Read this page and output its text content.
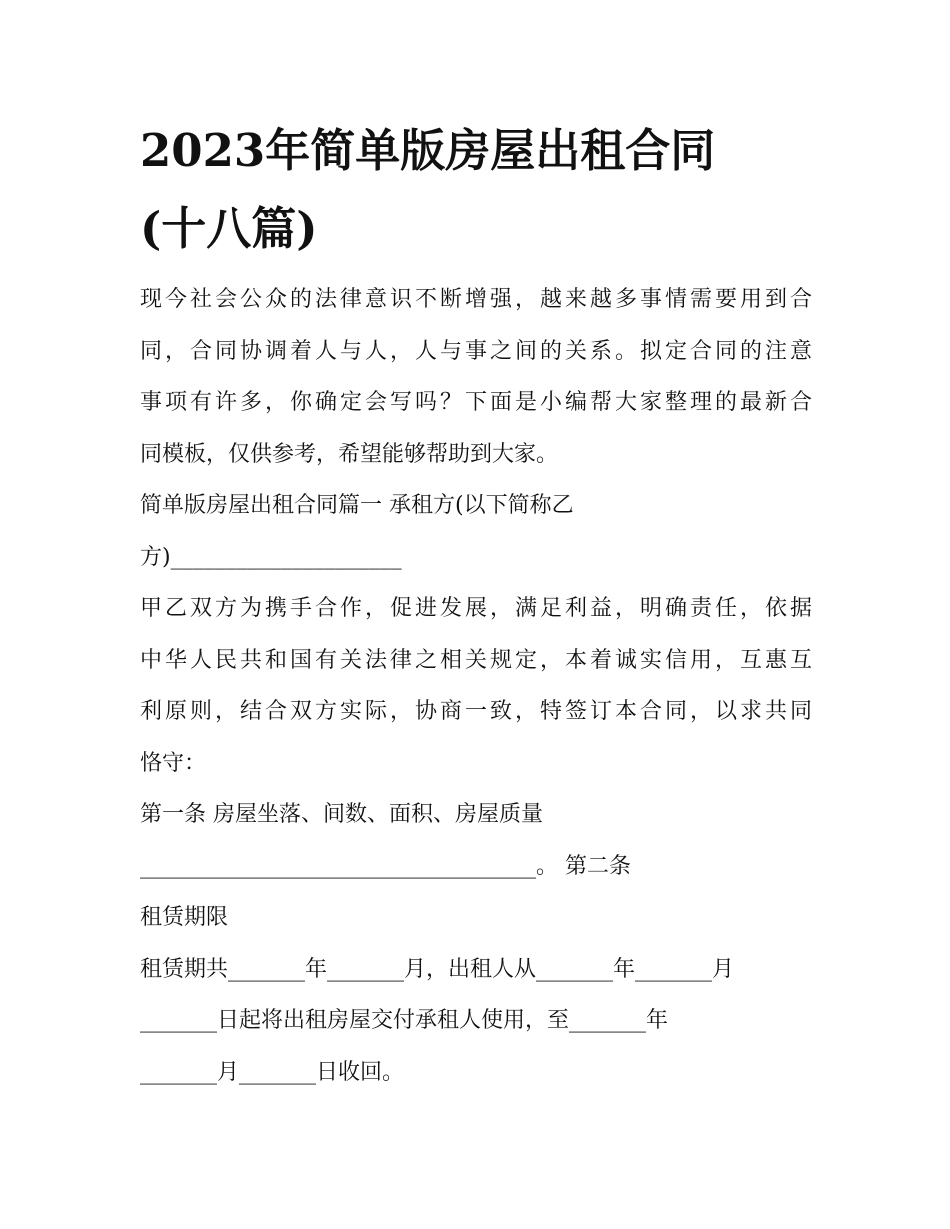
2023年简单版房屋出租合同
(十八篇)

现今社会公众的法律意识不断增强，越来越多事情需要用到合
同，合同协调着人与人，人与事之间的关系。拟定合同的注意
事项有许多，你确定会写吗？下面是小编帮大家整理的最新合
同模板，仅供参考，希望能够帮助到大家。

简单版房屋出租合同篇一 承租方(以下简称乙
方)_____________________

甲乙双方为携手合作，促进发展，满足利益，明确责任，依据
中华人民共和国有关法律之相关规定，本着诚实信用，互惠互
利原则，结合双方实际，协商一致，特签订本合同，以求共同
恪守：

第一条 房屋坐落、间数、面积、房屋质量
____________________________________。 第二条
租赁期限

租赁期共_______年_______月，出租人从_______年_______月
_______日起将出租房屋交付承租人使用，至_______年
_______月_______日收回。
